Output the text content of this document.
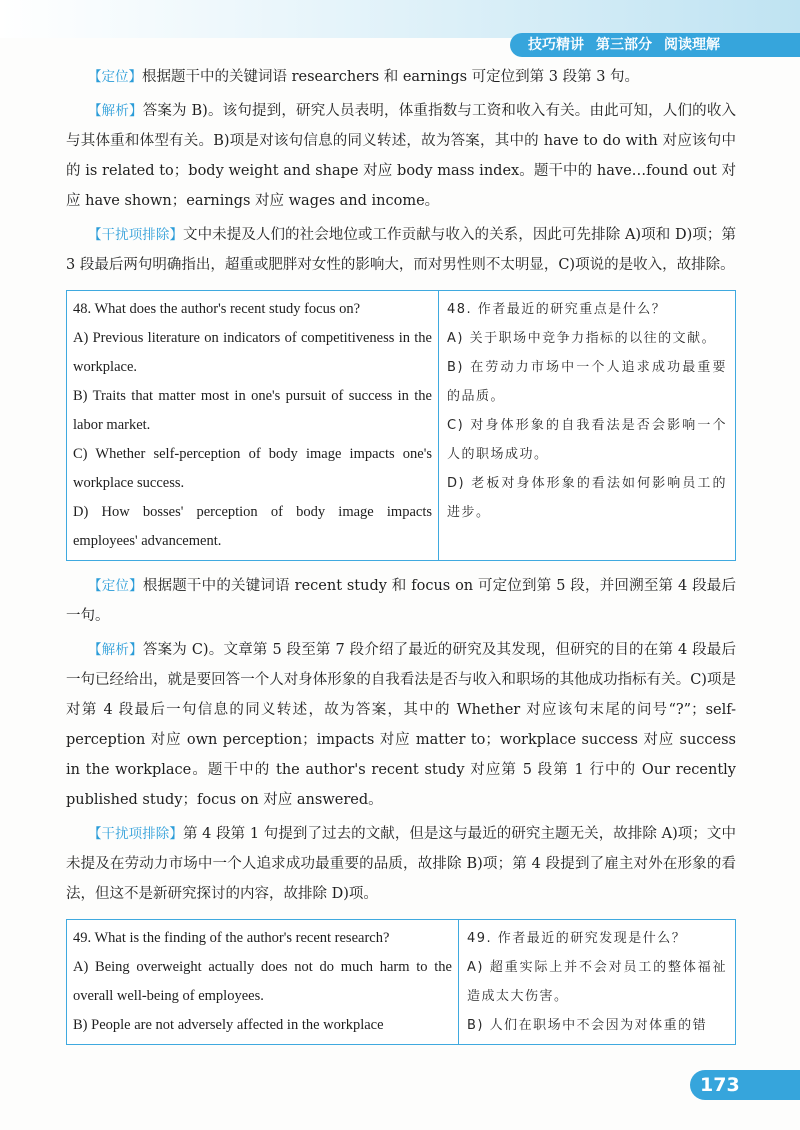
技巧精讲 第三部分 阅读理解

【定位】根据题干中的关键词语 researchers 和 earnings 可定位到第 3 段第 3 句。

【解析】答案为 B)。该句提到，研究人员表明，体重指数与工资和收入有关。由此可知，人们的收入与其体重和体型有关。B)项是对该句信息的同义转述，故为答案，其中的 have to do with 对应该句中的 is related to；body weight and shape 对应 body mass index。题干中的 have…found out 对应 have shown；earnings 对应 wages and income。

【干扰项排除】文中未提及人们的社会地位或工作贡献与收入的关系，因此可先排除 A)项和 D)项；第 3 段最后两句明确指出，超重或肥胖对女性的影响大，而对男性则不太明显，C)项说的是收入，故排除。

48. What does the author's recent study focus on?
A) Previous literature on indicators of competitiveness in the workplace.
B) Traits that matter most in one's pursuit of success in the labor market.
C) Whether self-perception of body image impacts one's workplace success.
D) How bosses' perception of body image impacts employees' advancement.
48. 作者最近的研究重点是什么？
A) 关于职场中竞争力指标的以往的文献。
B) 在劳动力市场中一个人追求成功最重要的品质。
C) 对身体形象的自我看法是否会影响一个人的职场成功。
D) 老板对身体形象的看法如何影响员工的进步。

【定位】根据题干中的关键词语 recent study 和 focus on 可定位到第 5 段，并回溯至第 4 段最后一句。

【解析】答案为 C)。文章第 5 段至第 7 段介绍了最近的研究及其发现，但研究的目的在第 4 段最后一句已经给出，就是要回答一个人对身体形象的自我看法是否与收入和职场的其他成功指标有关。C)项是对第 4 段最后一句信息的同义转述，故为答案，其中的 Whether 对应该句末尾的问号“?”；self-perception 对应 own perception；impacts 对应 matter to；workplace success 对应 success in the workplace。题干中的 the author's recent study 对应第 5 段第 1 行中的 Our recently published study；focus on 对应 answered。

【干扰项排除】第 4 段第 1 句提到了过去的文献，但是这与最近的研究主题无关，故排除 A)项；文中未提及在劳动力市场中一个人追求成功最重要的品质，故排除 B)项；第 4 段提到了雇主对外在形象的看法，但这不是新研究探讨的内容，故排除 D)项。

49. What is the finding of the author's recent research?
A) Being overweight actually does not do much harm to the overall well-being of employees.
B) People are not adversely affected in the workplace
49. 作者最近的研究发现是什么？
A) 超重实际上并不会对员工的整体福祉造成太大伤害。
B) 人们在职场中不会因为对体重的错
173
